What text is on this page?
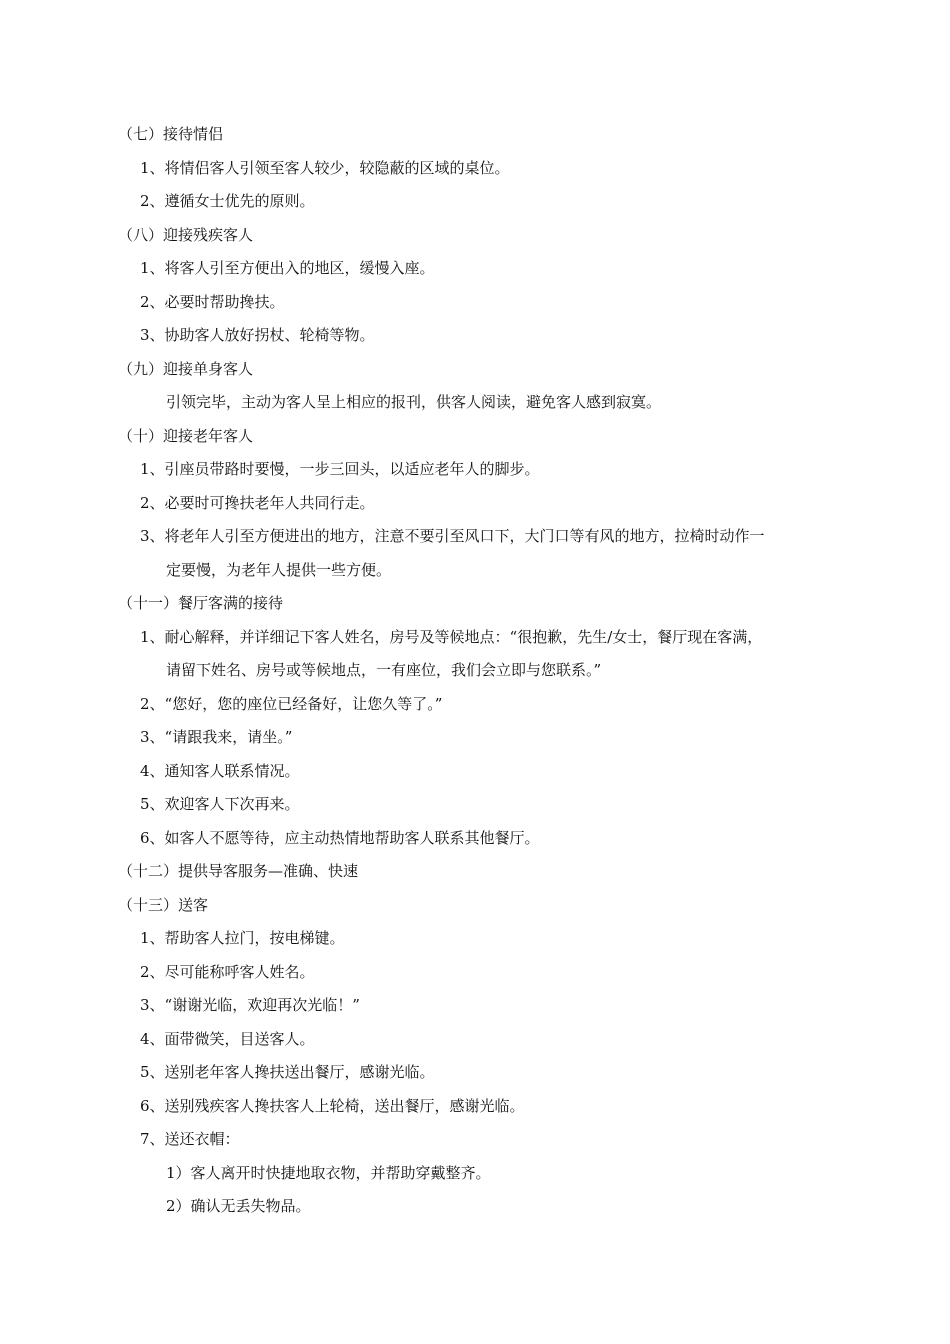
（七）接待情侣
1、将情侣客人引领至客人较少，较隐蔽的区域的桌位。
2、遵循女士优先的原则。
（八）迎接残疾客人
1、将客人引至方便出入的地区，缓慢入座。
2、必要时帮助搀扶。
3、协助客人放好拐杖、轮椅等物。
（九）迎接单身客人
引领完毕，主动为客人呈上相应的报刊，供客人阅读，避免客人感到寂寞。
（十）迎接老年客人
1、引座员带路时要慢，一步三回头，以适应老年人的脚步。
2、必要时可搀扶老年人共同行走。
3、将老年人引至方便进出的地方，注意不要引至风口下，大门口等有风的地方，拉椅时动作一
定要慢，为老年人提供一些方便。
（十一）餐厅客满的接待
1、耐心解释，并详细记下客人姓名，房号及等候地点：“很抱歉，先生/女士，餐厅现在客满，
请留下姓名、房号或等候地点，一有座位，我们会立即与您联系。”
2、“您好，您的座位已经备好，让您久等了。”
3、“请跟我来，请坐。”
4、通知客人联系情况。
5、欢迎客人下次再来。
6、如客人不愿等待，应主动热情地帮助客人联系其他餐厅。
（十二）提供导客服务—准确、快速
（十三）送客
1、帮助客人拉门，按电梯键。
2、尽可能称呼客人姓名。
3、“谢谢光临，欢迎再次光临！”
4、面带微笑，目送客人。
5、送别老年客人搀扶送出餐厅，感谢光临。
6、送别残疾客人搀扶客人上轮椅，送出餐厅，感谢光临。
7、送还衣帽：
1）客人离开时快捷地取衣物，并帮助穿戴整齐。
2）确认无丢失物品。
